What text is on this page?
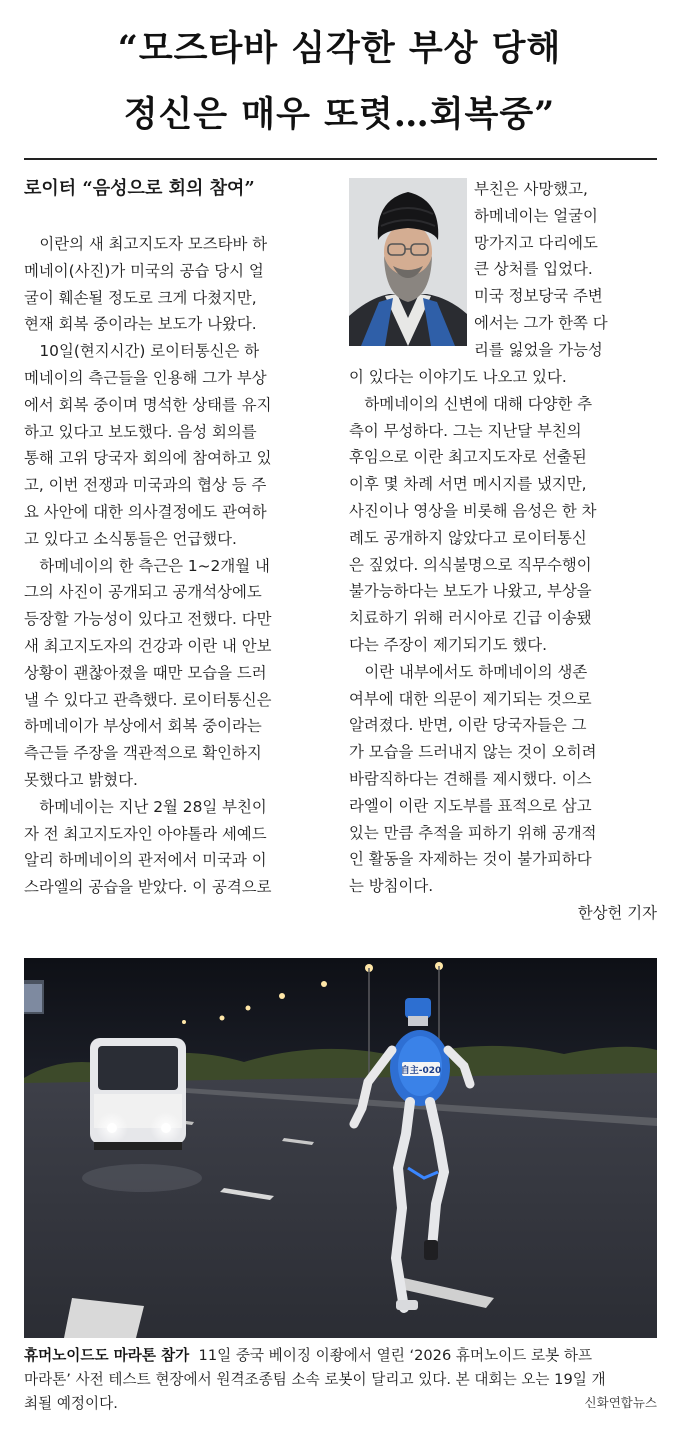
“모즈타바 심각한 부상 당해
정신은 매우 또렷…회복중”
로이터 “음성으로 회의 참여”
　이란의 새 최고지도자 모즈타바 하
메네이(사진)가 미국의 공습 당시 얼
굴이 훼손될 정도로 크게 다쳤지만,
현재 회복 중이라는 보도가 나왔다.
　10일(현지시간) 로이터통신은 하
메네이의 측근들을 인용해 그가 부상
에서 회복 중이며 명석한 상태를 유지
하고 있다고 보도했다. 음성 회의를
통해 고위 당국자 회의에 참여하고 있
고, 이번 전쟁과 미국과의 협상 등 주
요 사안에 대한 의사결정에도 관여하
고 있다고 소식통들은 언급했다.
　하메네이의 한 측근은 1~2개월 내
그의 사진이 공개되고 공개석상에도
등장할 가능성이 있다고 전했다. 다만
새 최고지도자의 건강과 이란 내 안보
상황이 괜찮아졌을 때만 모습을 드러
낼 수 있다고 관측했다. 로이터통신은
하메네이가 부상에서 회복 중이라는
측근들 주장을 객관적으로 확인하지
못했다고 밝혔다.
　하메네이는 지난 2월 28일 부친이
자 전 최고지도자인 아야톨라 세예드
알리 하메네이의 관저에서 미국과 이
스라엘의 공습을 받았다. 이 공격으로
부친은 사망했고,
하메네이는 얼굴이
망가지고 다리에도
큰 상처를 입었다.
미국 정보당국 주변
에서는 그가 한쪽 다
리를 잃었을 가능성
이 있다는 이야기도 나오고 있다.
　하메네이의 신변에 대해 다양한 추
측이 무성하다. 그는 지난달 부친의
후임으로 이란 최고지도자로 선출된
이후 몇 차례 서면 메시지를 냈지만,
사진이나 영상을 비롯해 음성은 한 차
례도 공개하지 않았다고 로이터통신
은 짚었다. 의식불명으로 직무수행이
불가능하다는 보도가 나왔고, 부상을
치료하기 위해 러시아로 긴급 이송됐
다는 주장이 제기되기도 했다.
　이란 내부에서도 하메네이의 생존
여부에 대한 의문이 제기되는 것으로
알려졌다. 반면, 이란 당국자들은 그
가 모습을 드러내지 않는 것이 오히려
바람직하다는 견해를 제시했다. 이스
라엘이 이란 지도부를 표적으로 삼고
있는 만큼 추적을 피하기 위해 공개적
인 활동을 자제하는 것이 불가피하다
는 방침이다.
한상헌 기자
自主-020
휴머노이드도 마라톤 참가 11일 중국 베이징 이좡에서 열린 ‘2026 휴머노이드 로봇 하프
마라톤’ 사전 테스트 현장에서 원격조종팀 소속 로봇이 달리고 있다. 본 대회는 오는 19일 개
최될 예정이다.	신화연합뉴스
